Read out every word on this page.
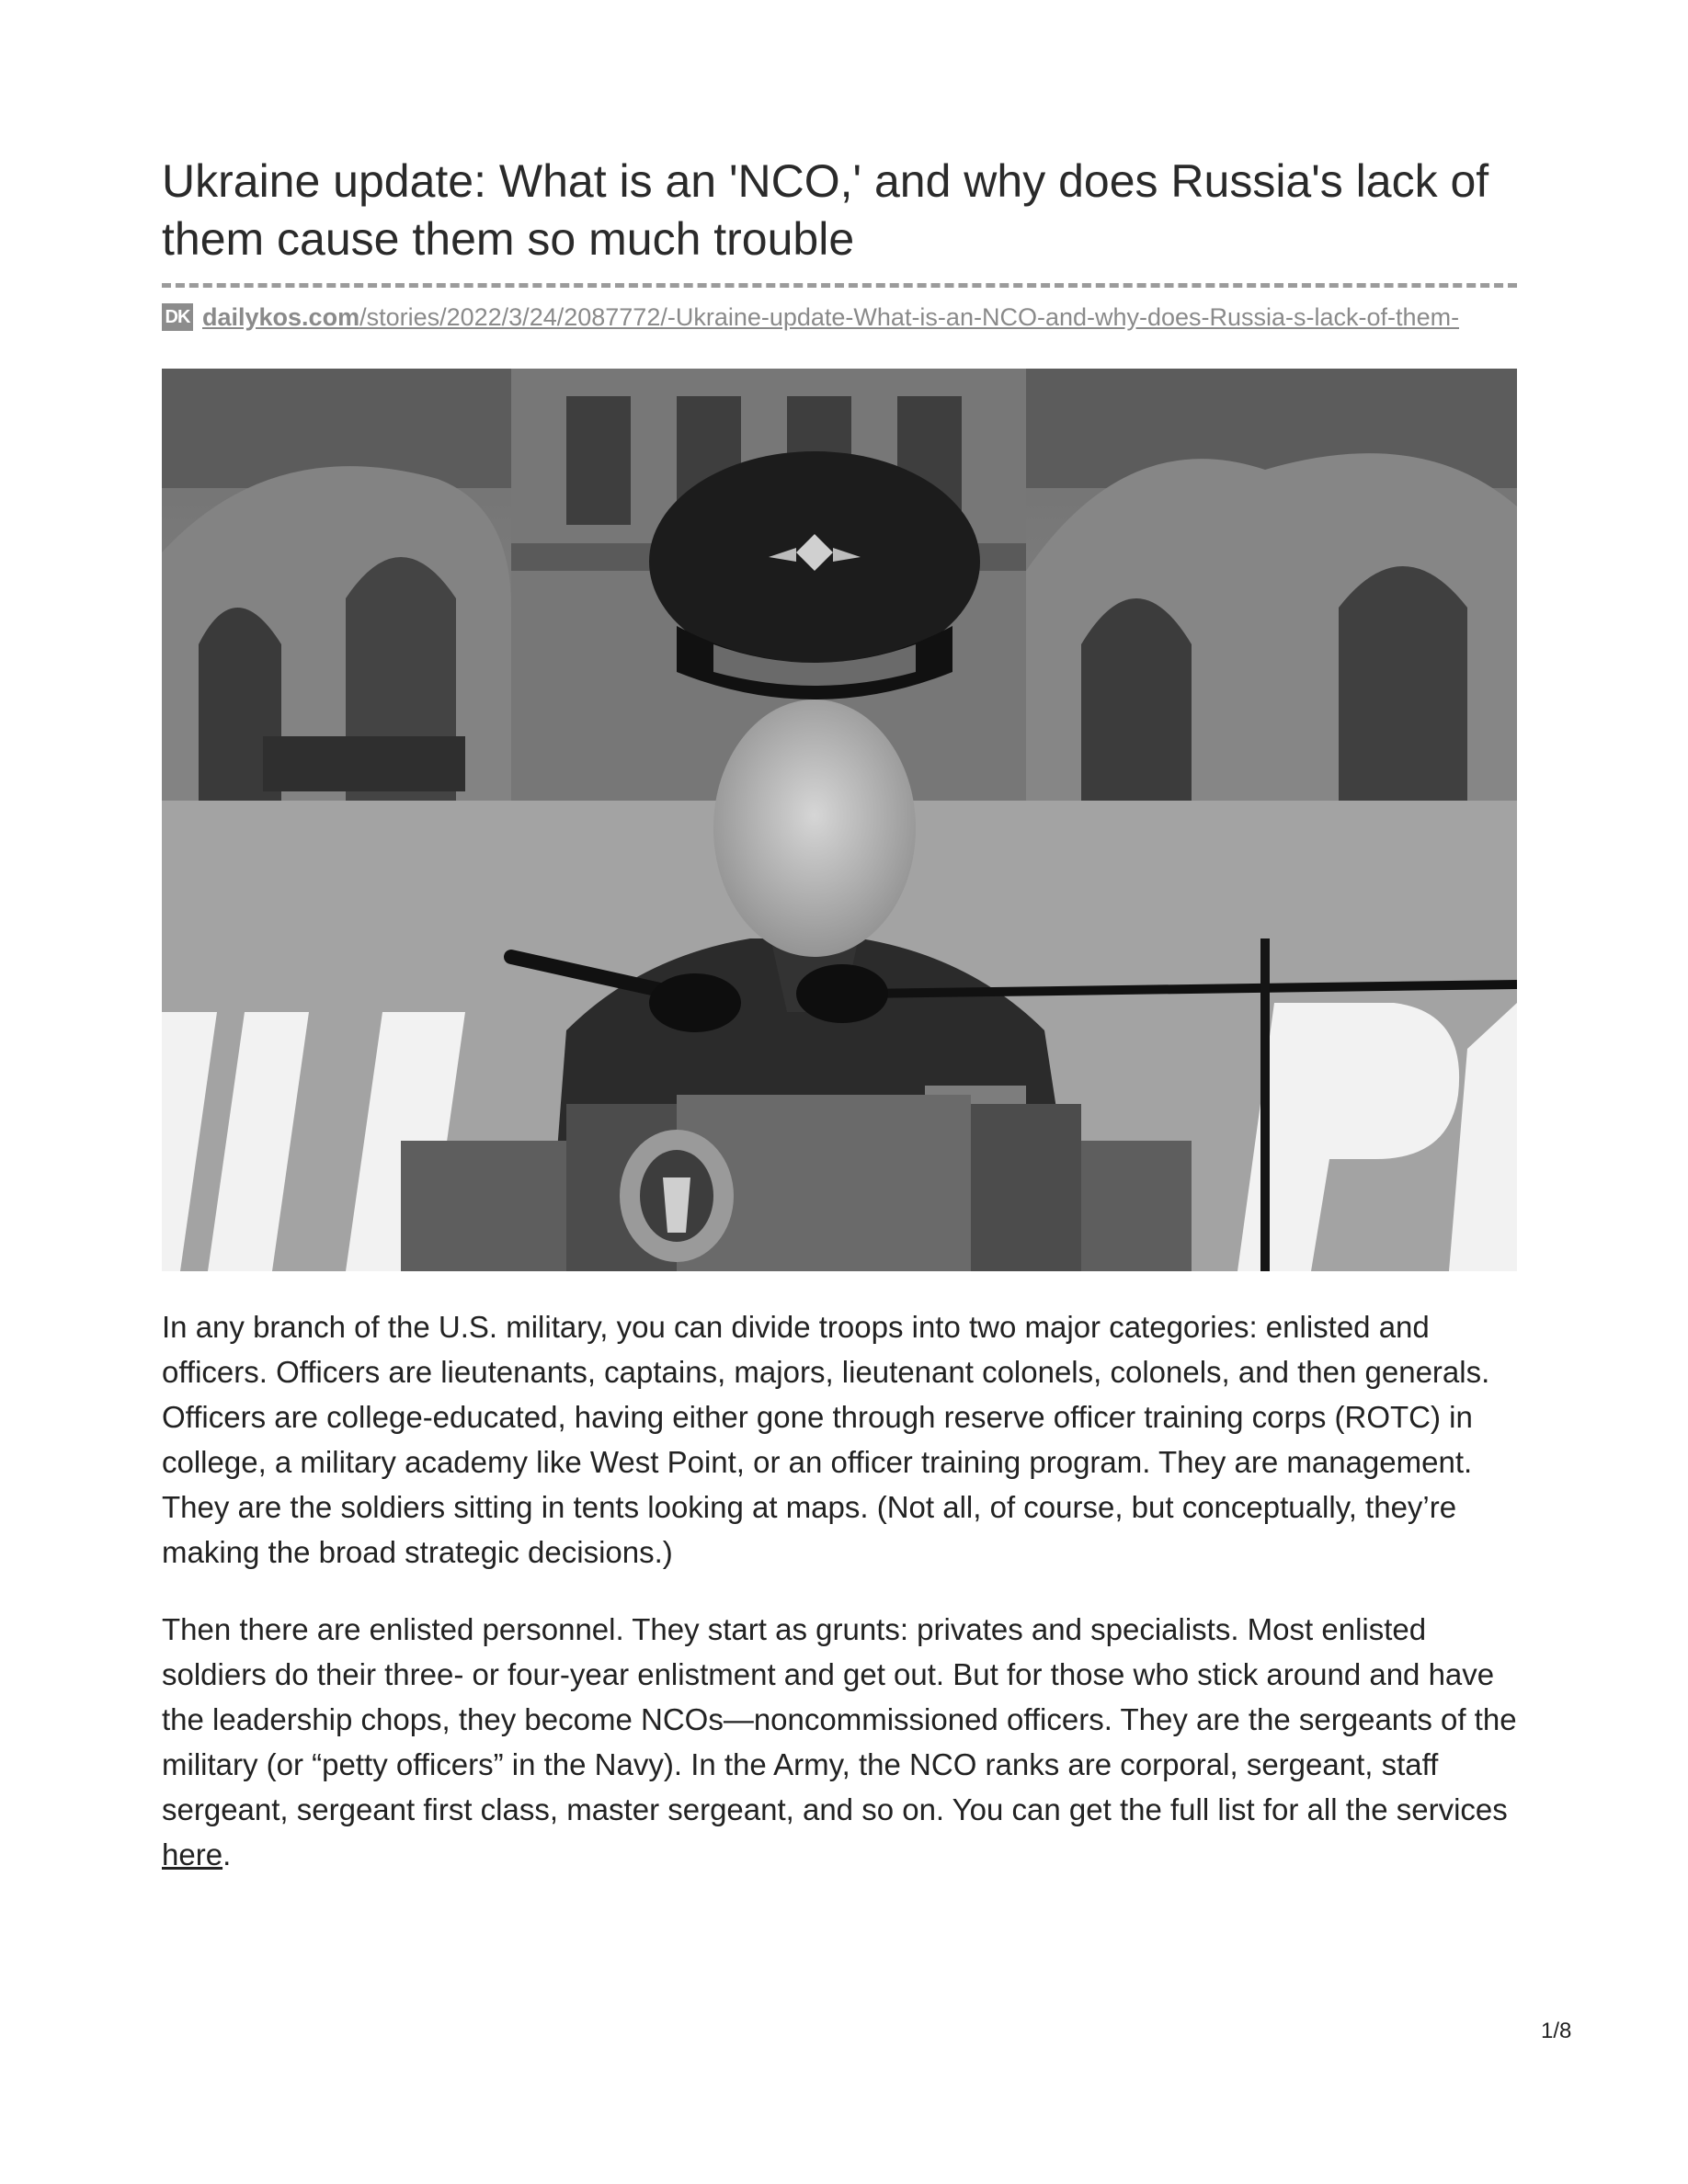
Ukraine update: What is an 'NCO,' and why does Russia's lack of them cause them so much trouble
DK dailykos.com/stories/2022/3/24/2087772/-Ukraine-update-What-is-an-NCO-and-why-does-Russia-s-lack-of-them-

In any branch of the U.S. military, you can divide troops into two major categories: enlisted and officers. Officers are lieutenants, captains, majors, lieutenant colonels, colonels, and then generals. Officers are college-educated, having either gone through reserve officer training corps (ROTC) in college, a military academy like West Point, or an officer training program. They are management. They are the soldiers sitting in tents looking at maps. (Not all, of course, but conceptually, they’re making the broad strategic decisions.)

Then there are enlisted personnel. They start as grunts: privates and specialists. Most enlisted soldiers do their three- or four-year enlistment and get out. But for those who stick around and have the leadership chops, they become NCOs—noncommissioned officers. They are the sergeants of the military (or “petty officers” in the Navy). In the Army, the NCO ranks are corporal, sergeant, staff sergeant, sergeant first class, master sergeant, and so on. You can get the full list for all the services here.

1/8
